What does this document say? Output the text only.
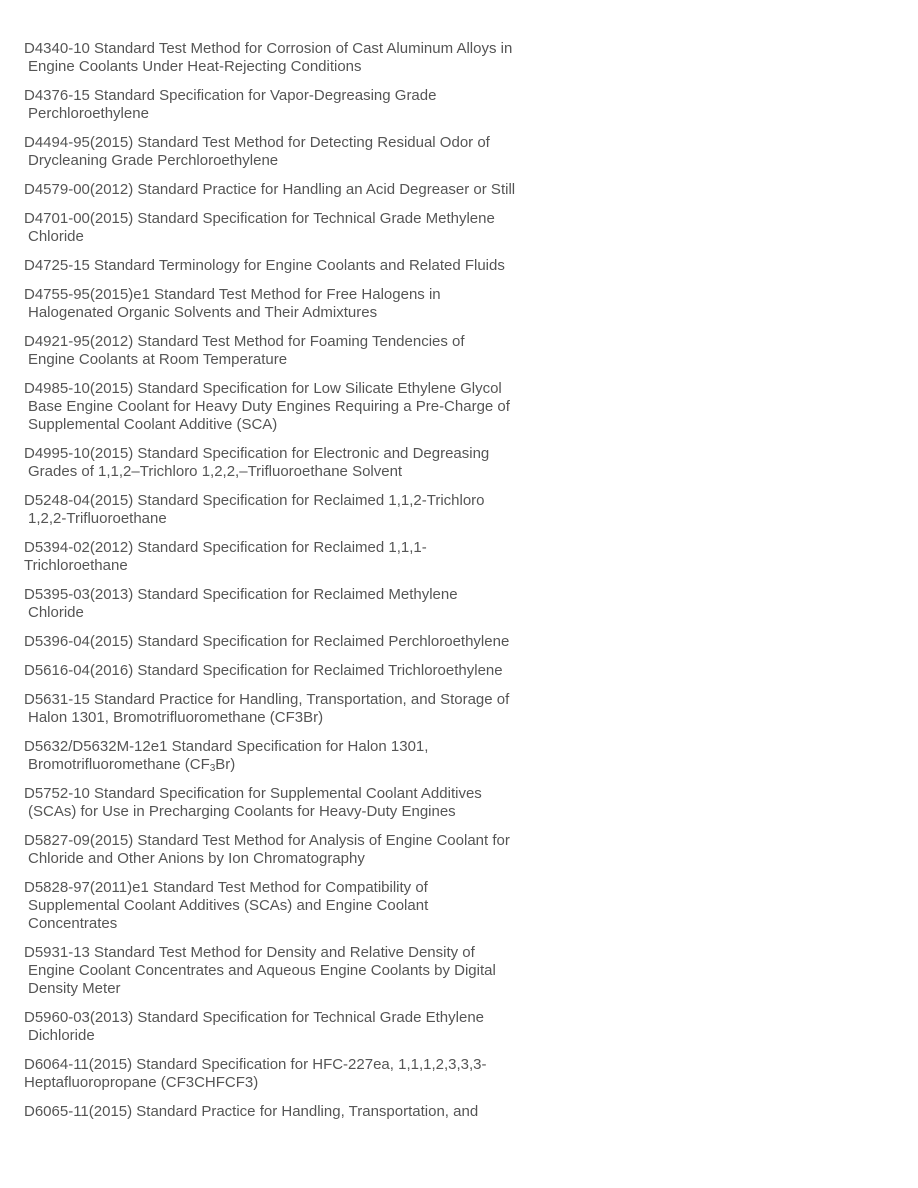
D4340-10 Standard Test Method for Corrosion of Cast Aluminum Alloys in
Engine Coolants Under Heat-Rejecting Conditions
D4376-15 Standard Specification for Vapor-Degreasing Grade
Perchloroethylene
D4494-95(2015) Standard Test Method for Detecting Residual Odor of
Drycleaning Grade Perchloroethylene
D4579-00(2012) Standard Practice for Handling an Acid Degreaser or Still
D4701-00(2015) Standard Specification for Technical Grade Methylene
Chloride
D4725-15 Standard Terminology for Engine Coolants and Related Fluids
D4755-95(2015)e1 Standard Test Method for Free Halogens in
Halogenated Organic Solvents and Their Admixtures
D4921-95(2012) Standard Test Method for Foaming Tendencies of
Engine Coolants at Room Temperature
D4985-10(2015) Standard Specification for Low Silicate Ethylene Glycol
Base Engine Coolant for Heavy Duty Engines Requiring a Pre-Charge of
Supplemental Coolant Additive (SCA)
D4995-10(2015) Standard Specification for Electronic and Degreasing
Grades of 1,1,2–Trichloro 1,2,2,–Trifluoroethane Solvent
D5248-04(2015) Standard Specification for Reclaimed 1,1,2-Trichloro
1,2,2-Trifluoroethane
D5394-02(2012) Standard Specification for Reclaimed 1,1,1-
Trichloroethane
D5395-03(2013) Standard Specification for Reclaimed Methylene
Chloride
D5396-04(2015) Standard Specification for Reclaimed Perchloroethylene
D5616-04(2016) Standard Specification for Reclaimed Trichloroethylene
D5631-15 Standard Practice for Handling, Transportation, and Storage of
Halon 1301, Bromotrifluoromethane (CF3Br)
D5632/D5632M-12e1 Standard Specification for Halon 1301,
Bromotrifluoromethane $(CF_3Br)$
D5752-10 Standard Specification for Supplemental Coolant Additives
(SCAs) for Use in Precharging Coolants for Heavy-Duty Engines
D5827-09(2015) Standard Test Method for Analysis of Engine Coolant for
Chloride and Other Anions by Ion Chromatography
D5828-97(2011)e1 Standard Test Method for Compatibility of
Supplemental Coolant Additives (SCAs) and Engine Coolant
Concentrates
D5931-13 Standard Test Method for Density and Relative Density of
Engine Coolant Concentrates and Aqueous Engine Coolants by Digital
Density Meter
D5960-03(2013) Standard Specification for Technical Grade Ethylene
Dichloride
D6064-11(2015) Standard Specification for HFC-227ea, 1,1,1,2,3,3,3-
Heptafluoropropane (CF3CHFCF3)
D6065-11(2015) Standard Practice for Handling, Transportation, and
